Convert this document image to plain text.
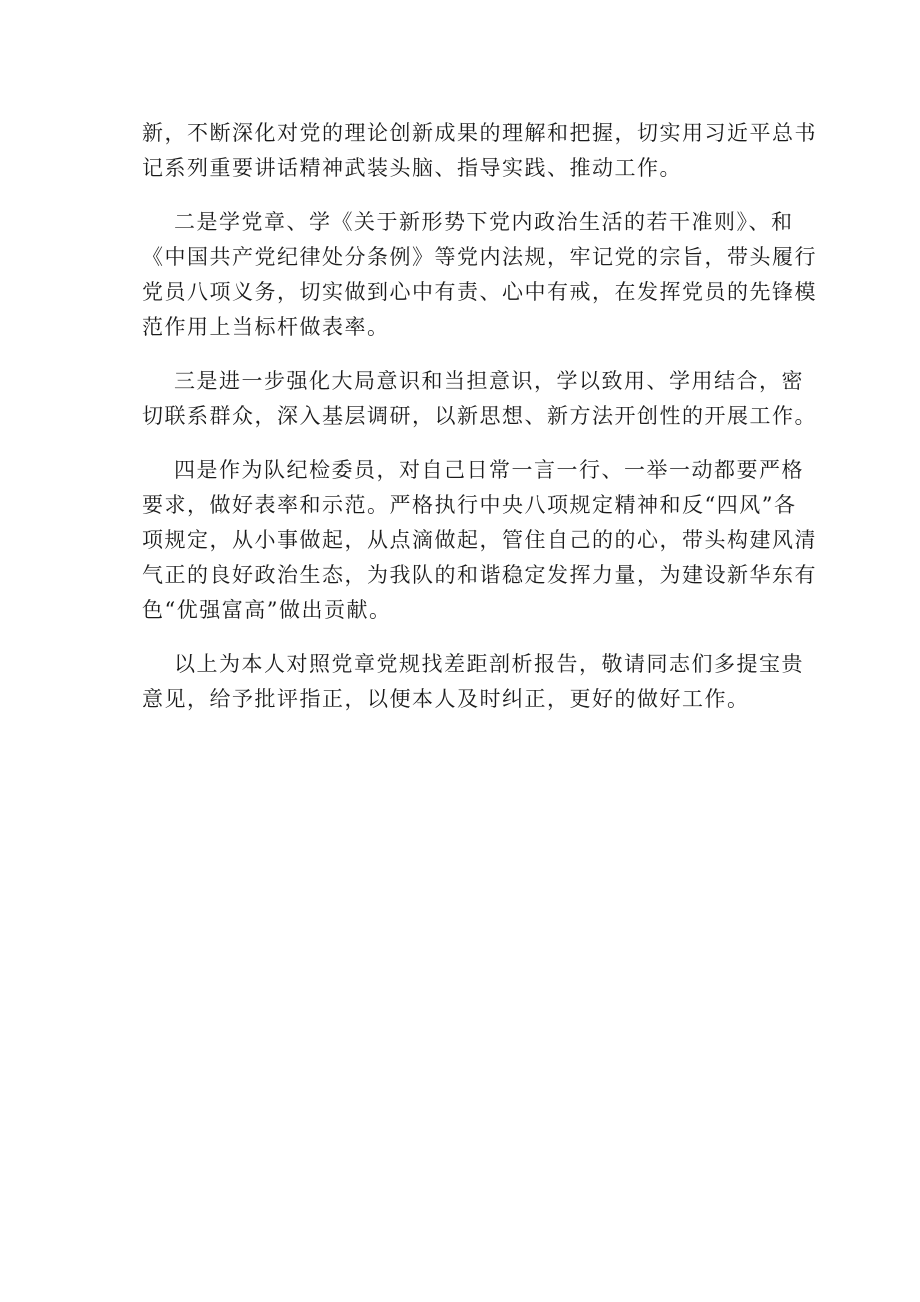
新，不断深化对党的理论创新成果的理解和把握，切实用习近平总书
记系列重要讲话精神武装头脑、指导实践、推动工作。

二是学党章、学《关于新形势下党内政治生活的若干准则》、和
《中国共产党纪律处分条例》等党内法规，牢记党的宗旨，带头履行
党员八项义务，切实做到心中有责、心中有戒，在发挥党员的先锋模
范作用上当标杆做表率。

三是进一步强化大局意识和当担意识，学以致用、学用结合，密
切联系群众，深入基层调研，以新思想、新方法开创性的开展工作。

四是作为队纪检委员，对自己日常一言一行、一举一动都要严格
要求，做好表率和示范。严格执行中央八项规定精神和反“四风”各
项规定，从小事做起，从点滴做起，管住自己的的心，带头构建风清
气正的良好政治生态，为我队的和谐稳定发挥力量，为建设新华东有
色“优强富高”做出贡献。

以上为本人对照党章党规找差距剖析报告，敬请同志们多提宝贵
意见，给予批评指正，以便本人及时纠正，更好的做好工作。
